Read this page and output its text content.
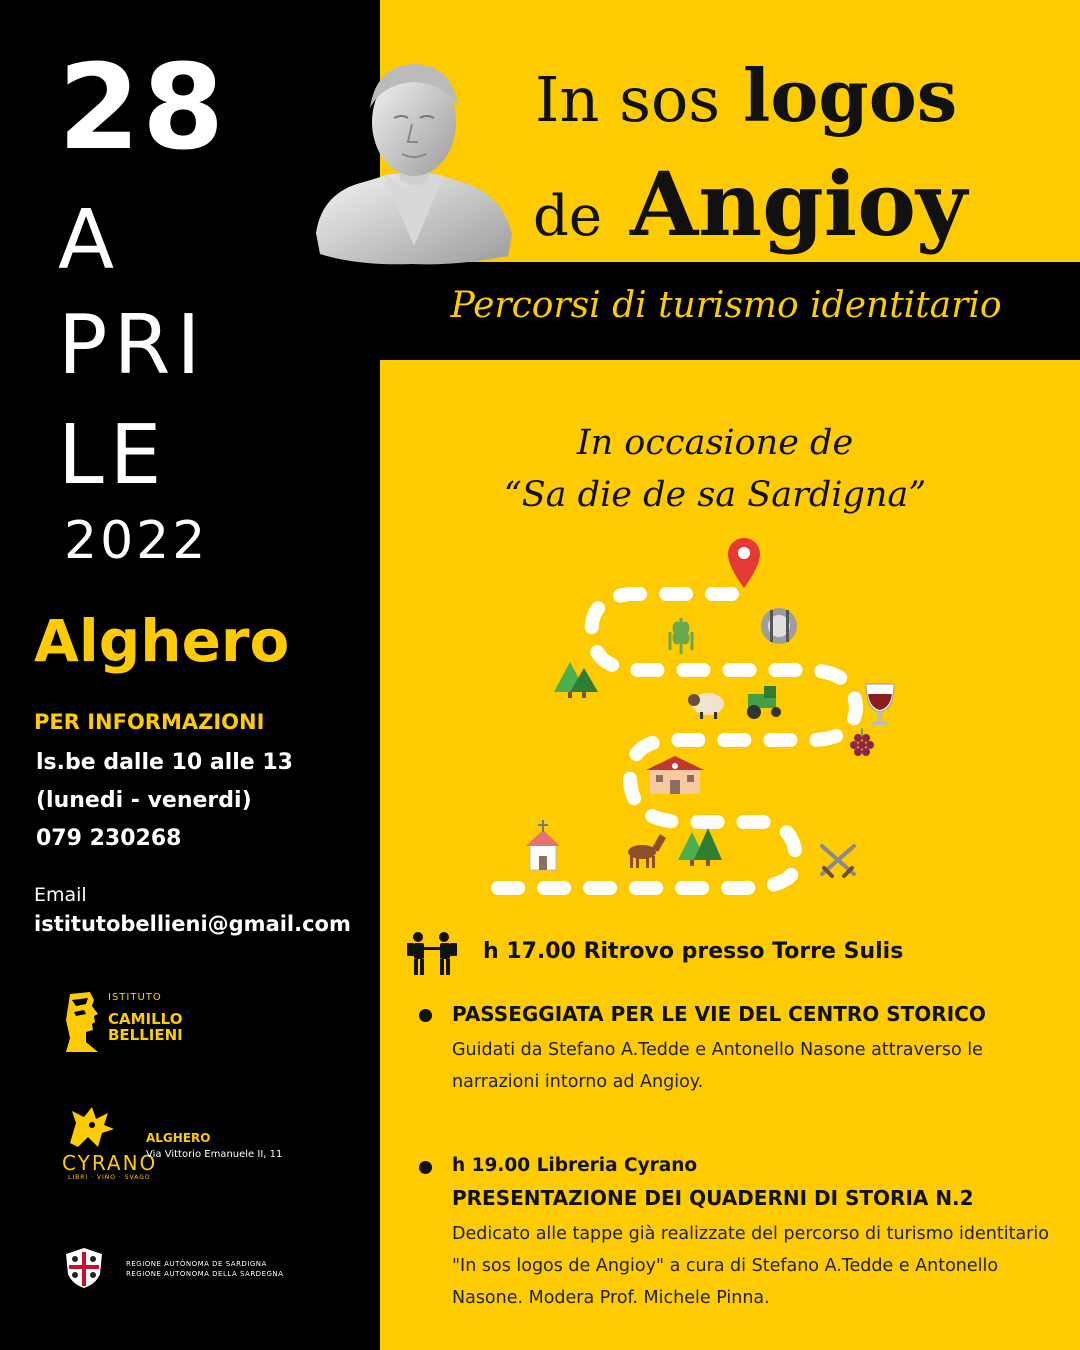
28
A
PRI
LE
2022
Alghero
PER INFORMAZIONI
ls.be dalle 10 alle 13
(lunedi - venerdi)
079 230268
Email
istitutobellieni@gmail.com
ISTITUTO
CAMILLO
BELLIENI
CYRANO
LIBRI · VINO · SVAGO
ALGHERO
Via Vittorio Emanuele II, 11
REGIONE AUTÒNOMA DE SARDIGNA
REGIONE AUTONOMA DELLA SARDEGNA
In sos logos
de Angioy
Percorsi di turismo identitario
In occasione de
“Sa die de sa Sardigna”
h 17.00 Ritrovo presso Torre Sulis
PASSEGGIATA PER LE VIE DEL CENTRO STORICO
Guidati da Stefano A.Tedde e Antonello Nasone attraverso le narrazioni intorno ad Angioy.
h 19.00 Libreria Cyrano
PRESENTAZIONE DEI QUADERNI DI STORIA N.2
Dedicato alle tappe già realizzate del percorso di turismo identitario "In sos logos de Angioy" a cura di Stefano A.Tedde e Antonello Nasone. Modera Prof. Michele Pinna.
